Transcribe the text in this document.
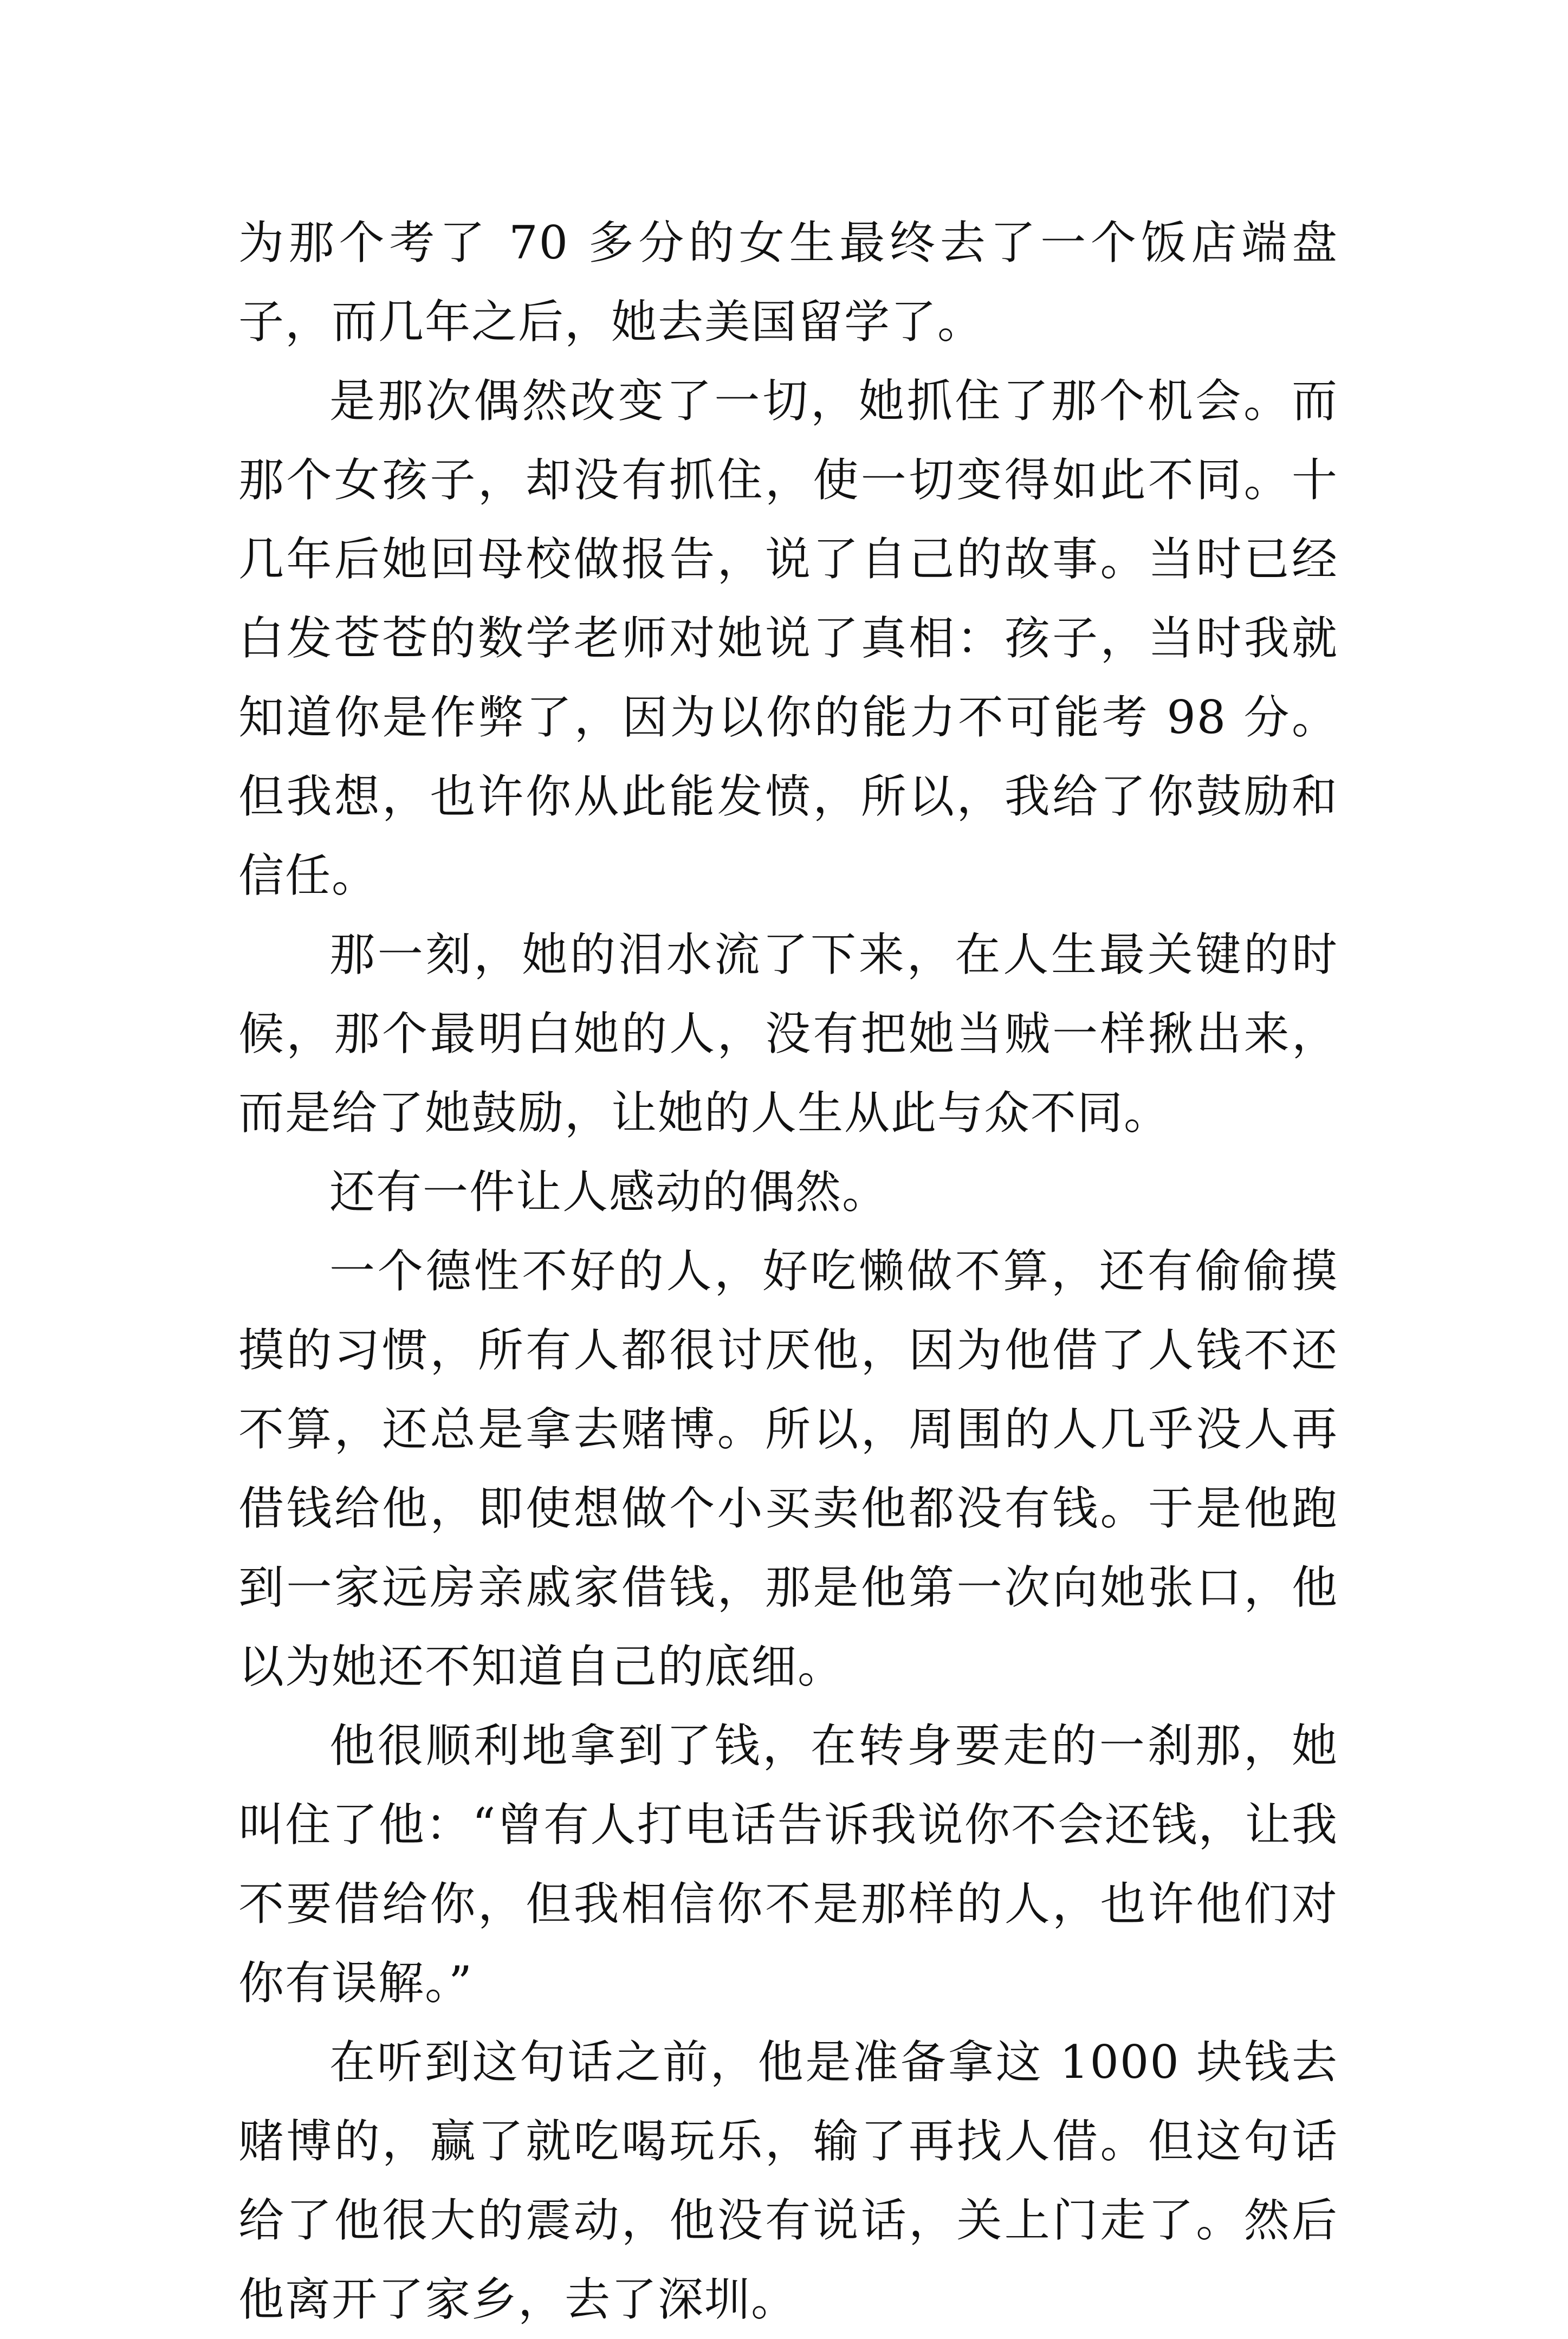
为那个考了 70 多分的女生最终去了一个饭店端盘子，而几年之后，她去美国留学了。

是那次偶然改变了一切，她抓住了那个机会。而那个女孩子，却没有抓住，使一切变得如此不同。十几年后她回母校做报告，说了自己的故事。当时已经白发苍苍的数学老师对她说了真相：孩子，当时我就知道你是作弊了，因为以你的能力不可能考 98 分。但我想，也许你从此能发愤，所以，我给了你鼓励和信任。

那一刻，她的泪水流了下来，在人生最关键的时候，那个最明白她的人，没有把她当贼一样揪出来，而是给了她鼓励，让她的人生从此与众不同。

还有一件让人感动的偶然。

一个德性不好的人，好吃懒做不算，还有偷偷摸摸的习惯，所有人都很讨厌他，因为他借了人钱不还不算，还总是拿去赌博。所以，周围的人几乎没人再借钱给他，即使想做个小买卖他都没有钱。于是他跑到一家远房亲戚家借钱，那是他第一次向她张口，他以为她还不知道自己的底细。

他很顺利地拿到了钱，在转身要走的一刹那，她叫住了他：“曾有人打电话告诉我说你不会还钱，让我不要借给你，但我相信你不是那样的人，也许他们对你有误解。”

在听到这句话之前，他是准备拿这 1000 块钱去赌博的，赢了就吃喝玩乐，输了再找人借。但这句话给了他很大的震动，他没有说话，关上门走了。然后他离开了家乡，去了深圳。
